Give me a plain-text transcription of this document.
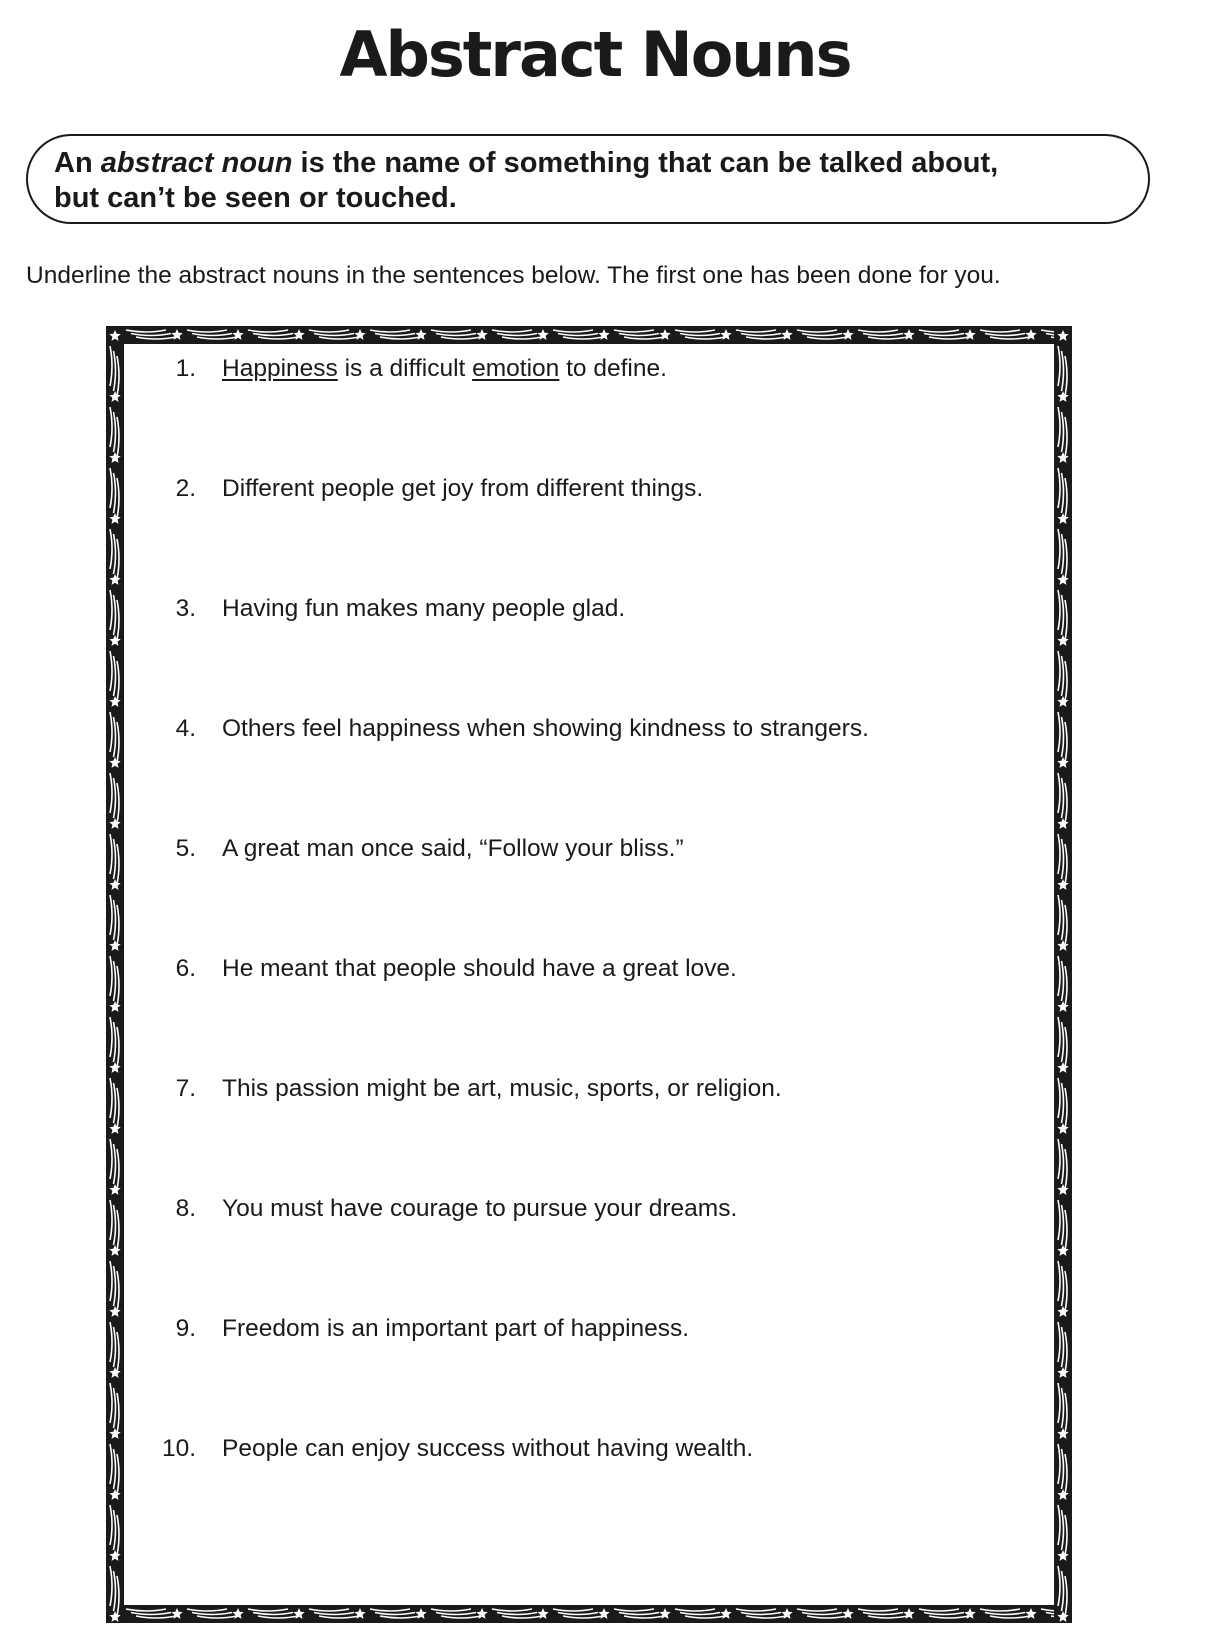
Abstract Nouns
An abstract noun is the name of something that can be talked about,
but can’t be seen or touched.

Underline the abstract nouns in the sentences below. The first one has been done for you.

1. Happiness is a difficult emotion to define.
2. Different people get joy from different things.
3. Having fun makes many people glad.
4. Others feel happiness when showing kindness to strangers.
5. A great man once said, “Follow your bliss.”
6. He meant that people should have a great love.
7. This passion might be art, music, sports, or religion.
8. You must have courage to pursue your dreams.
9. Freedom is an important part of happiness.
10. People can enjoy success without having wealth.
